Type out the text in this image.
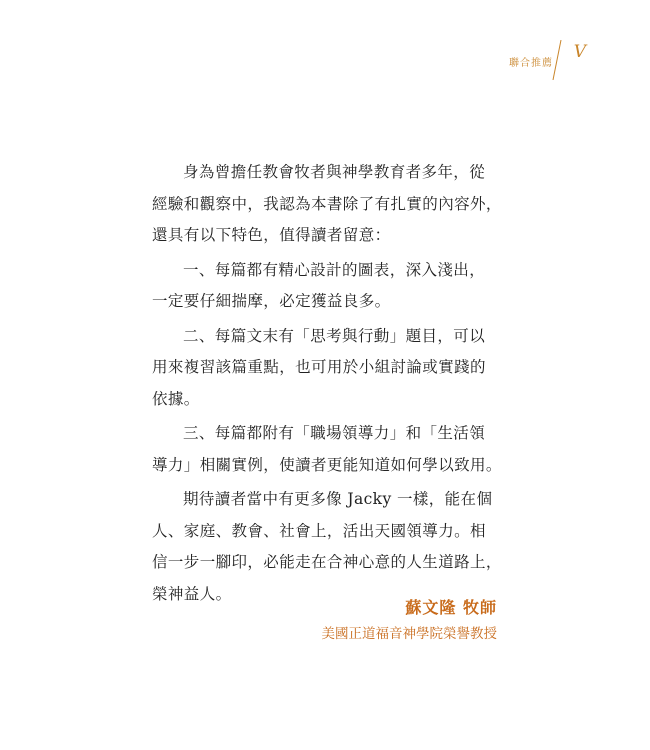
聯合推薦
V
身為曾擔任教會牧者與神學教育者多年，從
經驗和觀察中，我認為本書除了有扎實的內容外，
還具有以下特色，值得讀者留意：
一、每篇都有精心設計的圖表，深入淺出，
一定要仔細揣摩，必定獲益良多。
二、每篇文末有「思考與行動」題目，可以
用來複習該篇重點，也可用於小組討論或實踐的
依據。
三、每篇都附有「職場領導力」和「生活領
導力」相關實例，使讀者更能知道如何學以致用。
期待讀者當中有更多像 Jacky 一樣，能在個
人、家庭、教會、社會上，活出天國領導力。相
信一步一腳印，必能走在合神心意的人生道路上，
榮神益人。
蘇文隆 牧師
美國正道福音神學院榮譽教授
